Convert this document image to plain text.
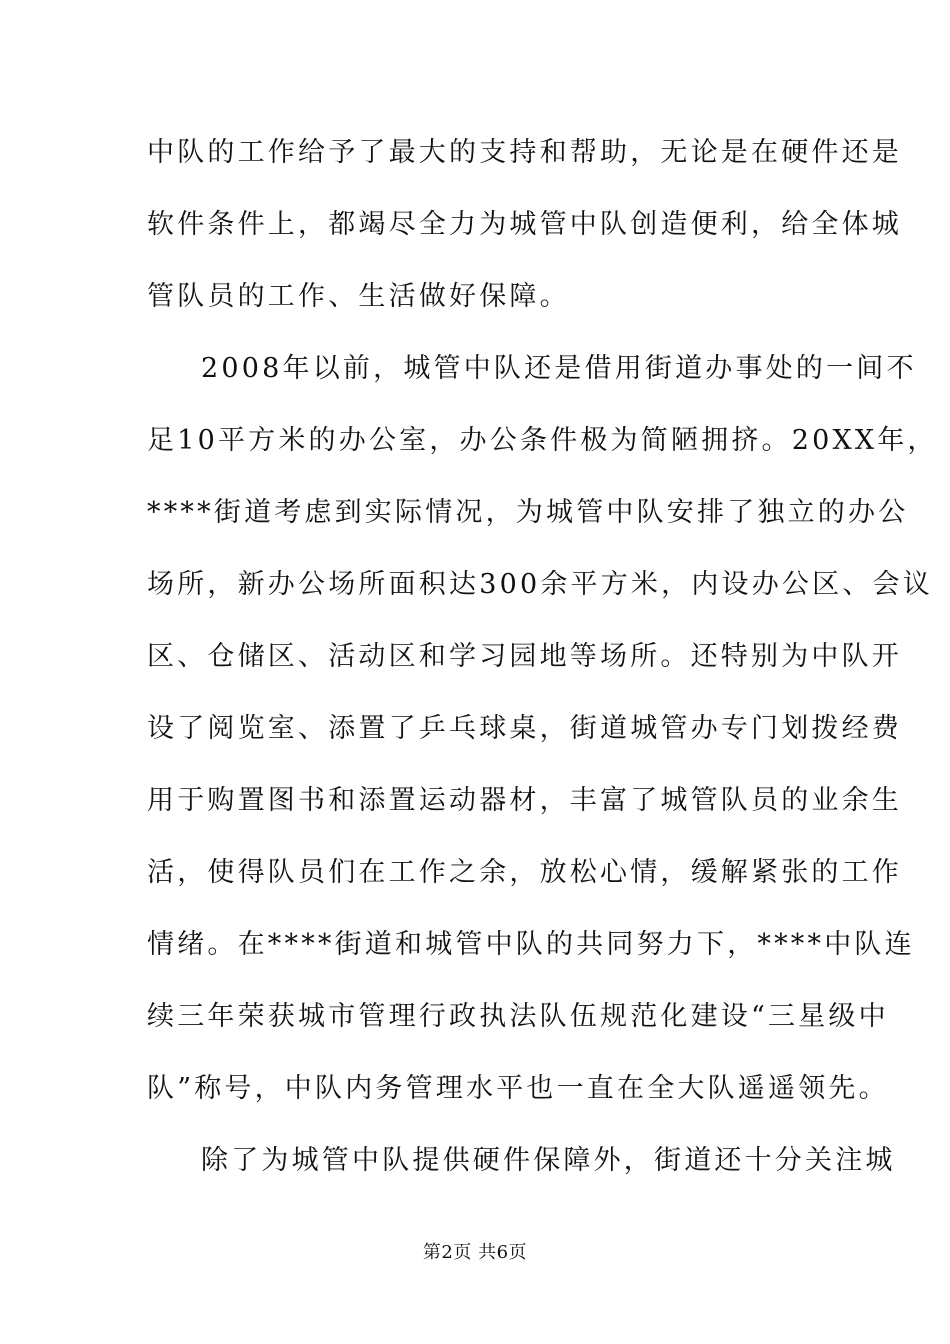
中队的工作给予了最大的支持和帮助，无论是在硬件还是
软件条件上，都竭尽全力为城管中队创造便利，给全体城
管队员的工作、生活做好保障。
2008年以前，城管中队还是借用街道办事处的一间不
足10平方米的办公室，办公条件极为简陋拥挤。20XX年，
****街道考虑到实际情况，为城管中队安排了独立的办公
场所，新办公场所面积达300余平方米，内设办公区、会议
区、仓储区、活动区和学习园地等场所。还特别为中队开
设了阅览室、添置了乒乓球桌，街道城管办专门划拨经费
用于购置图书和添置运动器材，丰富了城管队员的业余生
活，使得队员们在工作之余，放松心情，缓解紧张的工作
情绪。在****街道和城管中队的共同努力下，****中队连
续三年荣获城市管理行政执法队伍规范化建设“三星级中
队”称号，中队内务管理水平也一直在全大队遥遥领先。
除了为城管中队提供硬件保障外，街道还十分关注城
第2页 共6页
